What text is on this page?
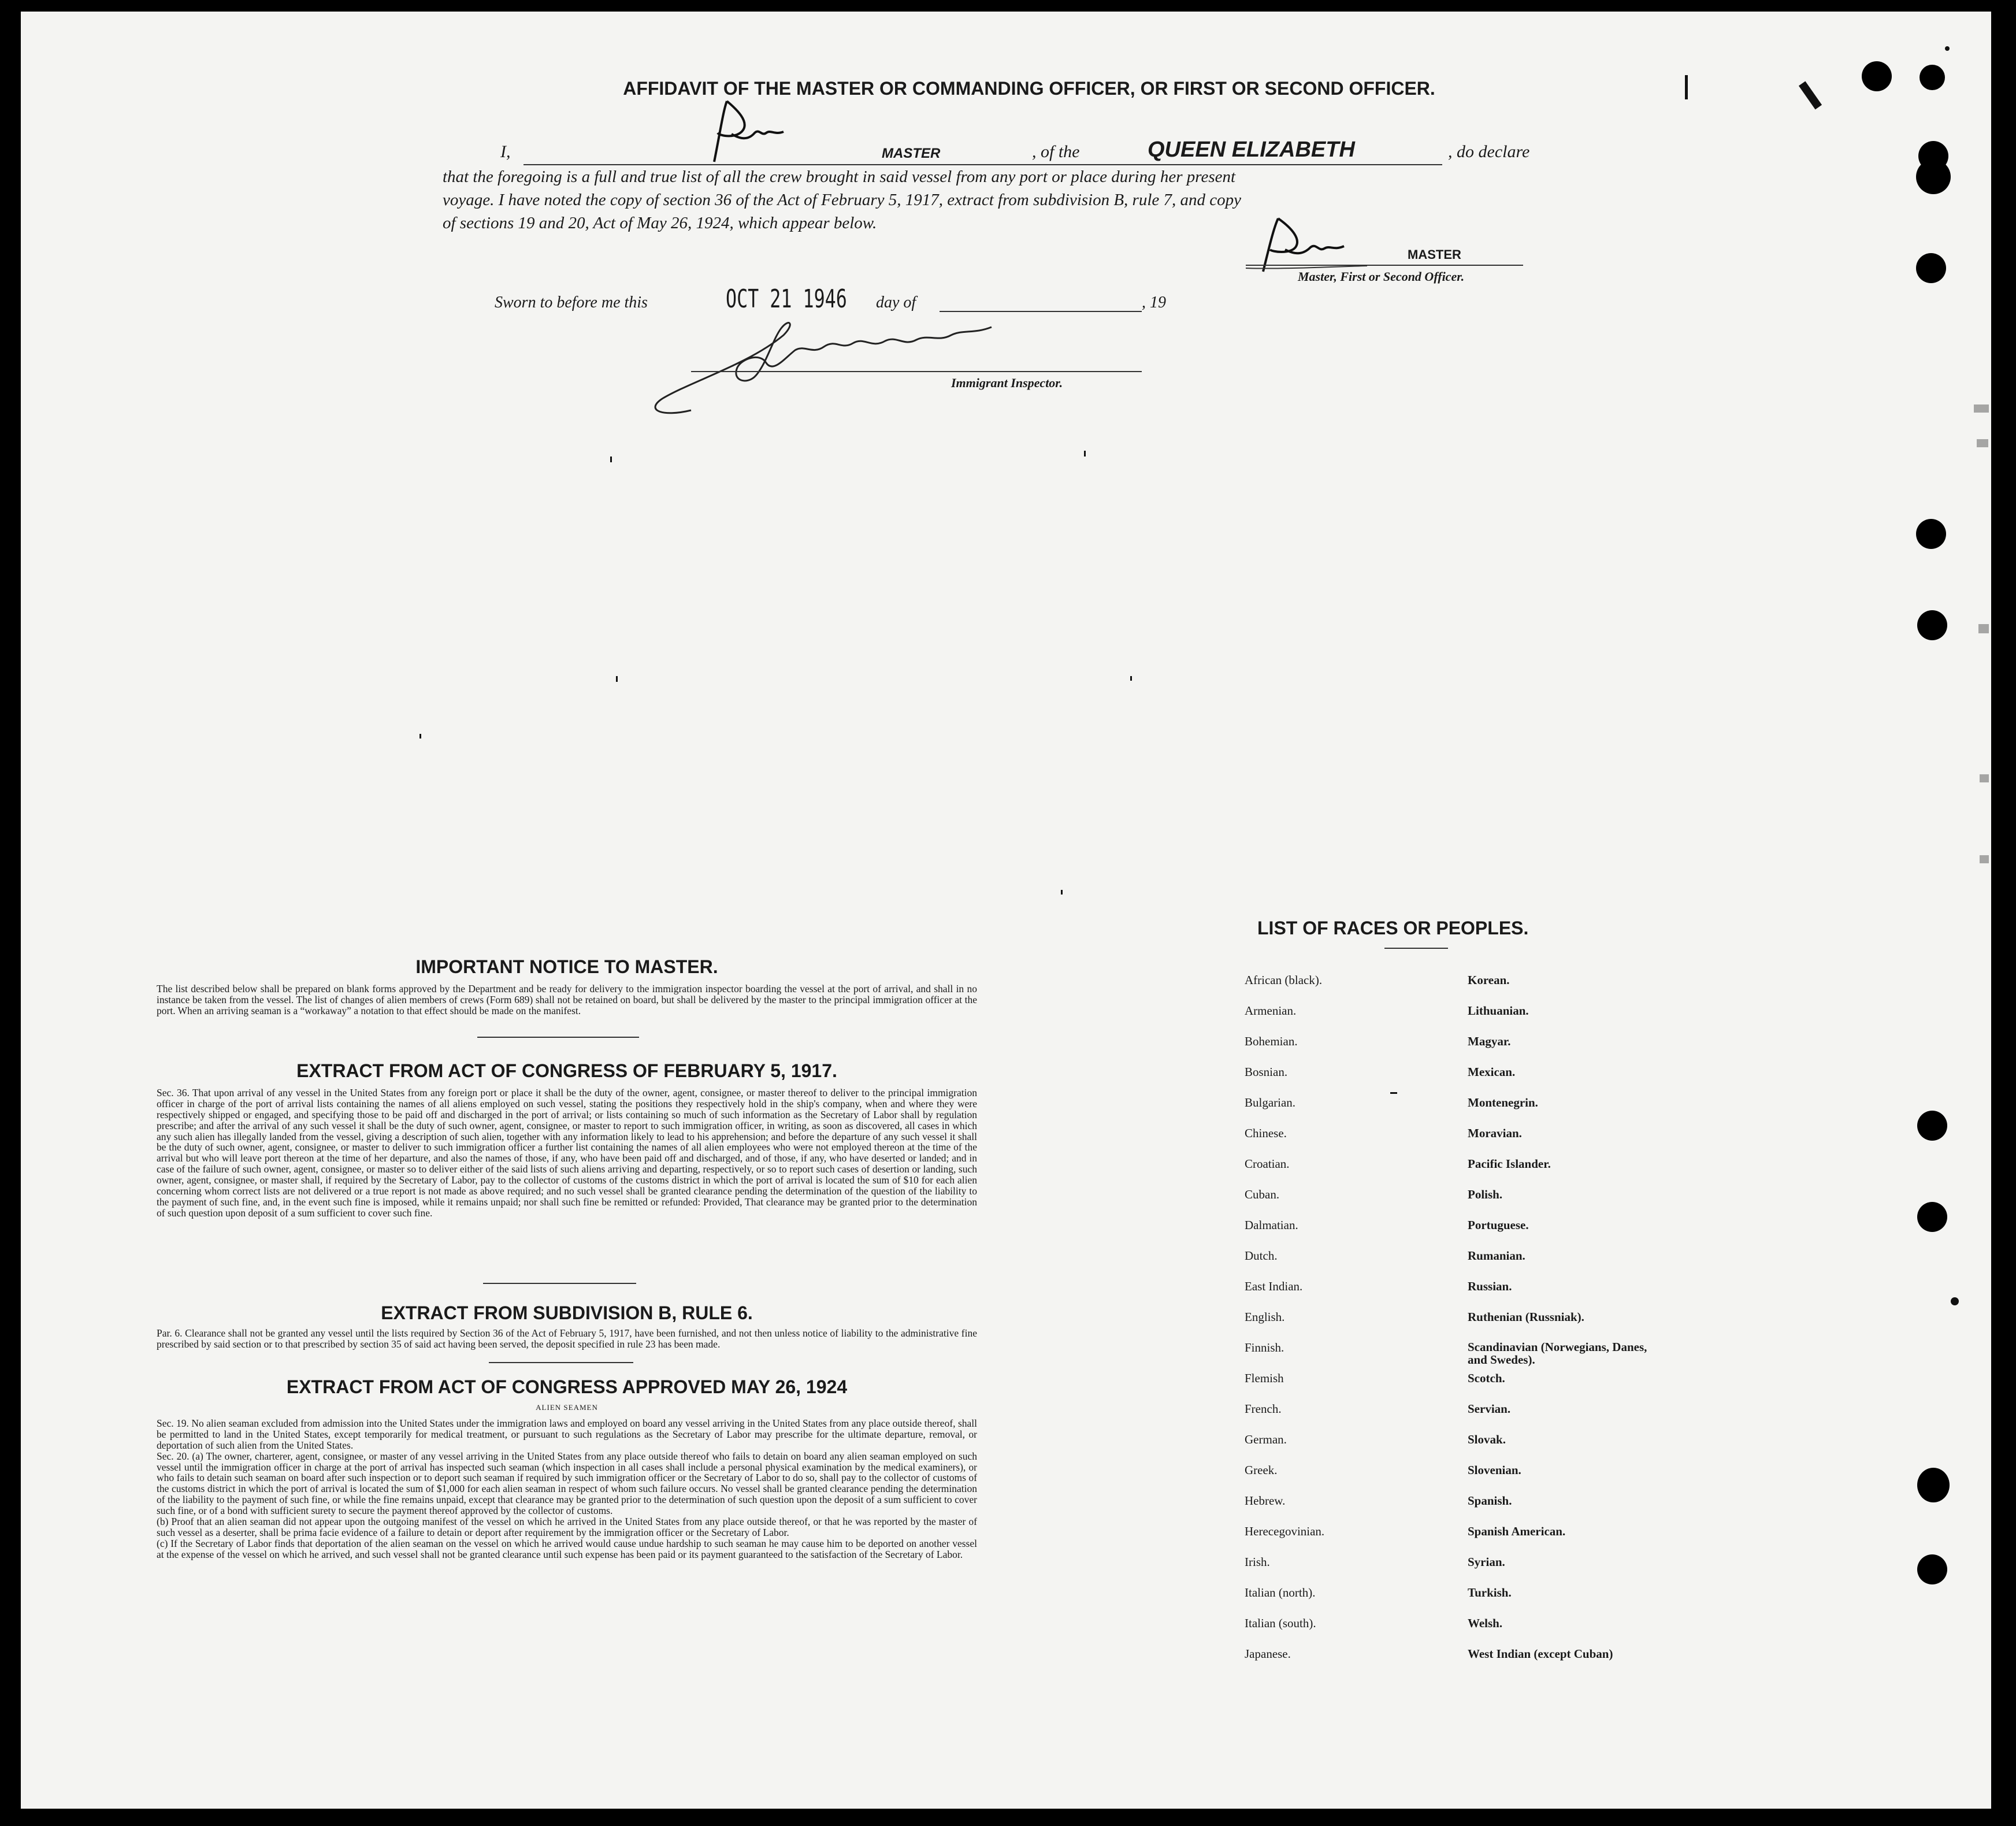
AFFIDAVIT OF THE MASTER OR COMMANDING OFFICER, OR FIRST OR SECOND OFFICER.
I,	MASTER	, of the	QUEEN ELIZABETH	, do declare
that the foregoing is a full and true list of all the crew brought in said vessel from any port or place during her present
voyage. I have noted the copy of section 36 of the Act of February 5, 1917, extract from subdivision B, rule 7, and copy
of sections 19 and 20, Act of May 26, 1924, which appear below.
MASTER
Master, First or Second Officer.
Sworn to before me this	OCT 21 1946 day of	, 19
Immigrant Inspector.
IMPORTANT NOTICE TO MASTER.
The list described below shall be prepared on blank forms approved by the Department and be ready for delivery to the immigration inspector boarding the vessel at the port of arrival, and shall in no instance be taken from the vessel. The list of changes of alien members of crews (Form 689) shall not be retained on board, but shall be delivered by the master to the principal immigration officer at the port. When an arriving seaman is a “workaway” a notation to that effect should be made on the manifest.
EXTRACT FROM ACT OF CONGRESS OF FEBRUARY 5, 1917.
Sec. 36. That upon arrival of any vessel in the United States from any foreign port or place it shall be the duty of the owner, agent, consignee, or master thereof to deliver to the principal immigration officer in charge of the port of arrival lists containing the names of all aliens employed on such vessel, stating the positions they respectively hold in the ship's company, when and where they were respectively shipped or engaged, and specifying those to be paid off and discharged in the port of arrival; or lists containing so much of such information as the Secretary of Labor shall by regulation prescribe; and after the arrival of any such vessel it shall be the duty of such owner, agent, consignee, or master to report to such immigration officer, in writing, as soon as discovered, all cases in which any such alien has illegally landed from the vessel, giving a description of such alien, together with any information likely to lead to his apprehension; and before the departure of any such vessel it shall be the duty of such owner, agent, consignee, or master to deliver to such immigration officer a further list containing the names of all alien employees who were not employed thereon at the time of the arrival but who will leave port thereon at the time of her departure, and also the names of those, if any, who have been paid off and discharged, and of those, if any, who have deserted or landed; and in case of the failure of such owner, agent, consignee, or master so to deliver either of the said lists of such aliens arriving and departing, respectively, or so to report such cases of desertion or landing, such owner, agent, consignee, or master shall, if required by the Secretary of Labor, pay to the collector of customs of the customs district in which the port of arrival is located the sum of $10 for each alien concerning whom correct lists are not delivered or a true report is not made as above required; and no such vessel shall be granted clearance pending the determination of the question of the liability to the payment of such fine, and, in the event such fine is imposed, while it remains unpaid; nor shall such fine be remitted or refunded: Provided, That clearance may be granted prior to the determination of such question upon deposit of a sum sufficient to cover such fine.
EXTRACT FROM SUBDIVISION B, RULE 6.
Par. 6. Clearance shall not be granted any vessel until the lists required by Section 36 of the Act of February 5, 1917, have been furnished, and not then unless notice of liability to the administrative fine prescribed by said section or to that prescribed by section 35 of said act having been served, the deposit specified in rule 23 has been made.
EXTRACT FROM ACT OF CONGRESS APPROVED MAY 26, 1924
ALIEN SEAMEN

Sec. 19. No alien seaman excluded from admission into the United States under the immigration laws and employed on board any vessel arriving in the United States from any place outside thereof, shall be permitted to land in the United States, except temporarily for medical treatment, or pursuant to such regulations as the Secretary of Labor may prescribe for the ultimate departure, removal, or deportation of such alien from the United States.

Sec. 20. (a) The owner, charterer, agent, consignee, or master of any vessel arriving in the United States from any place outside thereof who fails to detain on board any alien seaman employed on such vessel until the immigration officer in charge at the port of arrival has inspected such seaman (which inspection in all cases shall include a personal physical examination by the medical examiners), or who fails to detain such seaman on board after such inspection or to deport such seaman if required by such immigration officer or the Secretary of Labor to do so, shall pay to the collector of customs of the customs district in which the port of arrival is located the sum of $1,000 for each alien seaman in respect of whom such failure occurs. No vessel shall be granted clearance pending the determination of the liability to the payment of such fine, or while the fine remains unpaid, except that clearance may be granted prior to the determination of such question upon the deposit of a sum sufficient to cover such fine, or of a bond with sufficient surety to secure the payment thereof approved by the collector of customs.

(b) Proof that an alien seaman did not appear upon the outgoing manifest of the vessel on which he arrived in the United States from any place outside thereof, or that he was reported by the master of such vessel as a deserter, shall be prima facie evidence of a failure to detain or deport after requirement by the immigration officer or the Secretary of Labor.

(c) If the Secretary of Labor finds that deportation of the alien seaman on the vessel on which he arrived would cause undue hardship to such seaman he may cause him to be deported on another vessel at the expense of the vessel on which he arrived, and such vessel shall not be granted clearance until such expense has been paid or its payment guaranteed to the satisfaction of the Secretary of Labor.

LIST OF RACES OR PEOPLES.
African (black).
Armenian.
Bohemian.
Bosnian.
Bulgarian.
Chinese.
Croatian.
Cuban.
Dalmatian.
Dutch.
East Indian.
English.
Finnish.
Flemish
French.
German.
Greek.
Hebrew.
Herecegovinian.
Irish.
Italian (north).
Italian (south).
Japanese.
Korean.
Lithuanian.
Magyar.
Mexican.
Montenegrin.
Moravian.
Pacific Islander.
Polish.
Portuguese.
Rumanian.
Russian.
Ruthenian (Russniak).
Scandinavian (Norwegians, Danes, and Swedes).
Scotch.
Servian.
Slovak.
Slovenian.
Spanish.
Spanish American.
Syrian.
Turkish.
Welsh.
West Indian (except Cuban)
